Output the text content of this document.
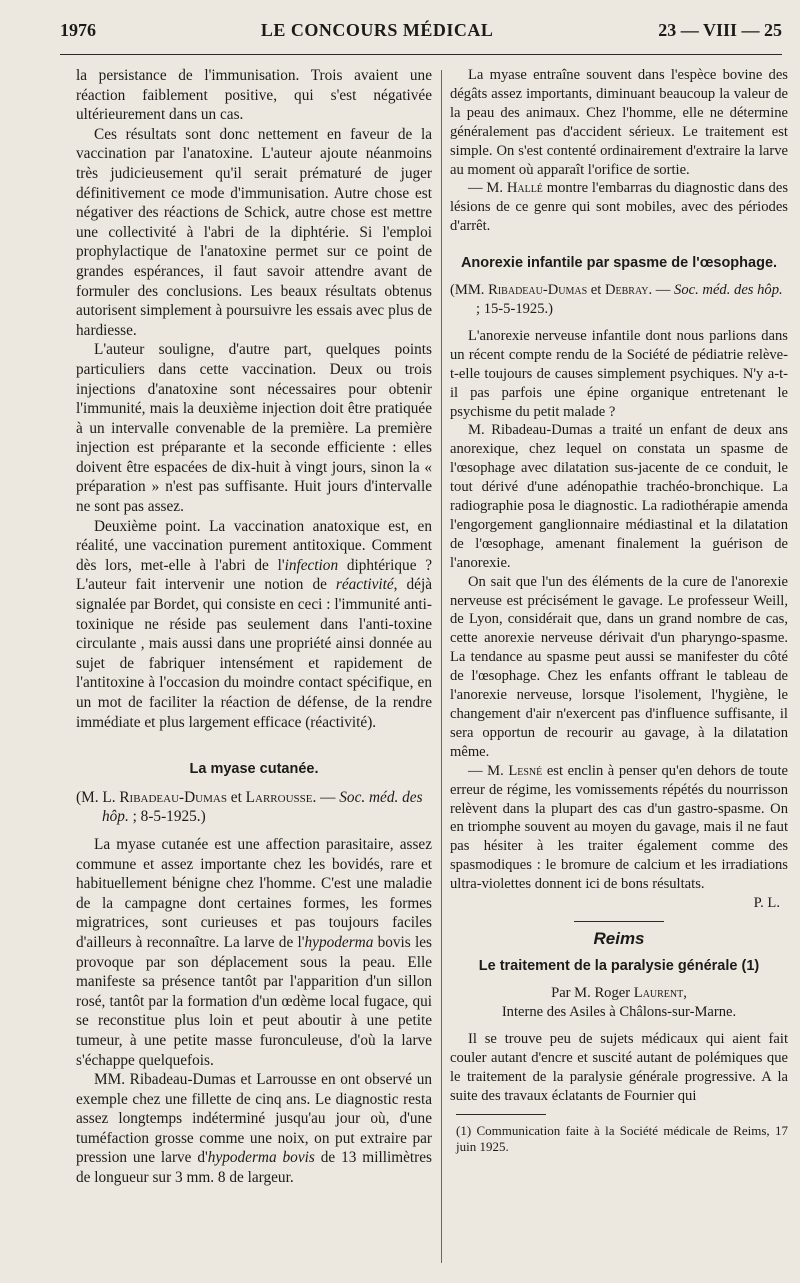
1976	LE CONCOURS MÉDICAL	23 — VIII — 25

la persistance de l'immunisation. Trois avaient une réaction faiblement positive, qui s'est négativée ultérieurement dans un cas.

Ces résultats sont donc nettement en faveur de la vaccination par l'anatoxine. L'auteur ajoute néanmoins très judicieusement qu'il serait prématuré de juger définitivement ce mode d'immunisation. Autre chose est négativer des réactions de Schick, autre chose est mettre une collectivité à l'abri de la diphtérie. Si l'emploi prophylactique de l'anatoxine permet sur ce point de grandes espérances, il faut savoir attendre avant de formuler des conclusions. Les beaux résultats obtenus autorisent simplement à poursuivre les essais avec plus de hardiesse.

L'auteur souligne, d'autre part, quelques points particuliers dans cette vaccination. Deux ou trois injections d'anatoxine sont nécessaires pour obtenir l'immunité, mais la deuxième injection doit être pratiquée à un intervalle convenable de la première. La première injection est préparante et la seconde efficiente : elles doivent être espacées de dix-huit à vingt jours, sinon la « préparation » n'est pas suffisante. Huit jours d'intervalle ne sont pas assez.

Deuxième point. La vaccination anatoxique est, en réalité, une vaccination purement antitoxique. Comment dès lors, met-elle à l'abri de l'infection diphtérique ? L'auteur fait intervenir une notion de réactivité, déjà signalée par Bordet, qui consiste en ceci : l'immunité anti-toxinique ne réside pas seulement dans l'anti-toxine circulante , mais aussi dans une propriété ainsi donnée au sujet de fabriquer intensément et rapidement de l'antitoxine à l'occasion du moindre contact spécifique, en un mot de faciliter la réaction de défense, de la rendre immédiate et plus largement efficace (réactivité).

La myase cutanée.

(M. L. Ribadeau-Dumas et Larrousse. — Soc. méd. des hôp. ; 8-5-1925.)

La myase cutanée est une affection parasitaire, assez commune et assez importante chez les bovidés, rare et habituellement bénigne chez l'homme. C'est une maladie de la campagne dont certaines formes, les formes migratrices, sont curieuses et pas toujours faciles d'ailleurs à reconnaître. La larve de l'hypoderma bovis les provoque par son déplacement sous la peau. Elle manifeste sa présence tantôt par l'apparition d'un sillon rosé, tantôt par la formation d'un œdème local fugace, qui se reconstitue plus loin et peut aboutir à une petite tumeur, à une petite masse furonculeuse, d'où la larve s'échappe quelquefois.

MM. Ribadeau-Dumas et Larrousse en ont observé un exemple chez une fillette de cinq ans. Le diagnostic resta assez longtemps indéterminé jusqu'au jour où, d'une tuméfaction grosse comme une noix, on put extraire par pression une larve d'hypoderma bovis de 13 millimètres de longueur sur 3 mm. 8 de largeur.

La myase entraîne souvent dans l'espèce bovine des dégâts assez importants, diminuant beaucoup la valeur de la peau des animaux. Chez l'homme, elle ne détermine généralement pas d'accident sérieux. Le traitement est simple. On s'est contenté ordinairement d'extraire la larve au moment où apparaît l'orifice de sortie.

— M. Hallé montre l'embarras du diagnostic dans des lésions de ce genre qui sont mobiles, avec des périodes d'arrêt.

Anorexie infantile par spasme de l'œsophage.

(MM. Ribadeau-Dumas et Debray. — Soc. méd. des hôp. ; 15-5-1925.)

L'anorexie nerveuse infantile dont nous parlions dans un récent compte rendu de la Société de pédiatrie relève-t-elle toujours de causes simplement psychiques. N'y a-t-il pas parfois une épine organique entretenant le psychisme du petit malade ?

M. Ribadeau-Dumas a traité un enfant de deux ans anorexique, chez lequel on constata un spasme de l'œsophage avec dilatation sus-jacente de ce conduit, le tout dérivé d'une adénopathie trachéo-bronchique. La radiographie posa le diagnostic. La radiothérapie amenda l'engorgement ganglionnaire médiastinal et la dilatation de l'œsophage, amenant finalement la guérison de l'anorexie.

On sait que l'un des éléments de la cure de l'anorexie nerveuse est précisément le gavage. Le professeur Weill, de Lyon, considérait que, dans un grand nombre de cas, cette anorexie nerveuse dérivait d'un pharyngo-spasme. La tendance au spasme peut aussi se manifester du côté de l'œsophage. Chez les enfants offrant le tableau de l'anorexie nerveuse, lorsque l'isolement, l'hygiène, le changement d'air n'exercent pas d'influence suffisante, il sera opportun de recourir au gavage, à la dilatation même.

— M. Lesné est enclin à penser qu'en dehors de toute erreur de régime, les vomissements répétés du nourrisson relèvent dans la plupart des cas d'un gastro-spasme. On en triomphe souvent au moyen du gavage, mais il ne faut pas hésiter à les traiter également comme des spasmodiques : le bromure de calcium et les irradiations ultra-violettes donnent ici de bons résultats.

P. L.
Reims
Le traitement de la paralysie générale (1)
Par M. Roger Laurent,
Interne des Asiles à Châlons-sur-Marne.

Il se trouve peu de sujets médicaux qui aient fait couler autant d'encre et suscité autant de polémiques que le traitement de la paralysie générale progressive. A la suite des travaux éclatants de Fournier qui

(1) Communication faite à la Société médicale de Reims, 17 juin 1925.
